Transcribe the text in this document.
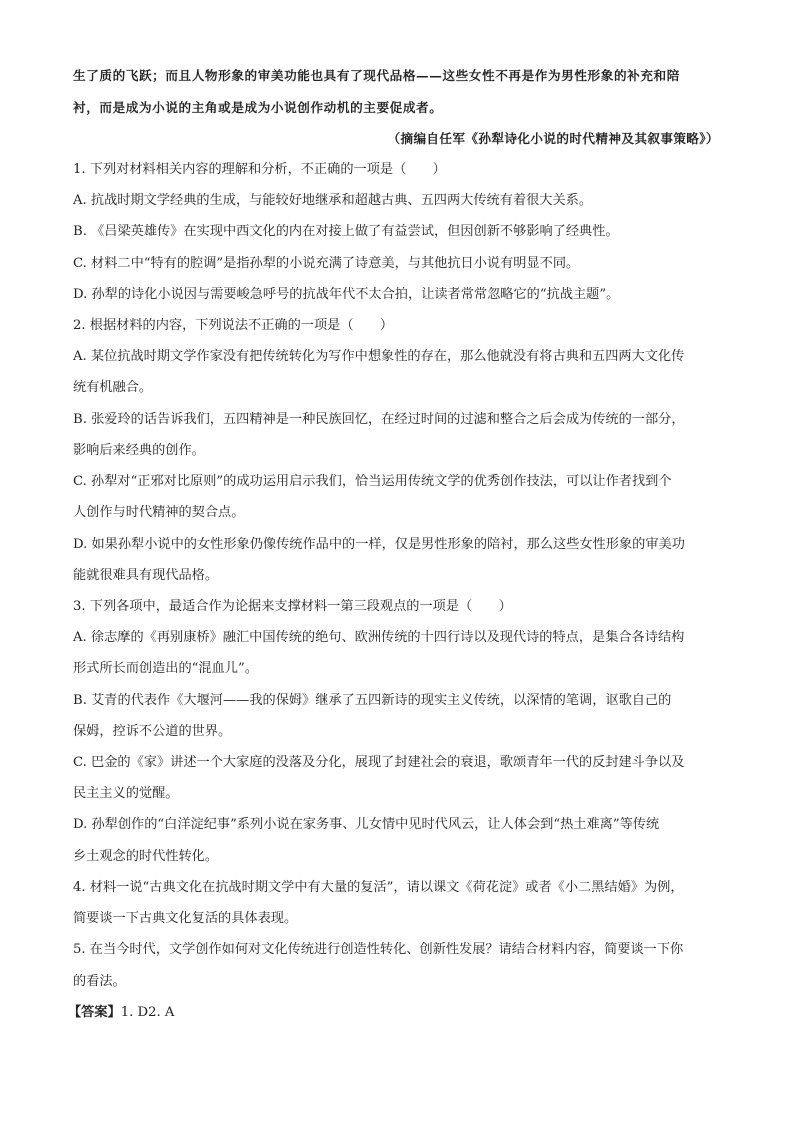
生了质的飞跃；而且人物形象的审美功能也具有了现代品格——这些女性不再是作为男性形象的补充和陪
衬，而是成为小说的主角或是成为小说创作动机的主要促成者。
（摘编自任军《孙犁诗化小说的时代精神及其叙事策略》）
1. 下列对材料相关内容的理解和分析，不正确的一项是（　　）
A. 抗战时期文学经典的生成，与能较好地继承和超越古典、五四两大传统有着很大关系。
B. 《吕梁英雄传》在实现中西文化的内在对接上做了有益尝试，但因创新不够影响了经典性。
C. 材料二中“特有的腔调”是指孙犁的小说充满了诗意美，与其他抗日小说有明显不同。
D. 孙犁的诗化小说因与需要峻急呼号的抗战年代不太合拍，让读者常常忽略它的“抗战主题”。
2. 根据材料的内容，下列说法不正确的一项是（　　）
A. 某位抗战时期文学作家没有把传统转化为写作中想象性的存在，那么他就没有将古典和五四两大文化传
统有机融合。
B. 张爱玲的话告诉我们，五四精神是一种民族回忆，在经过时间的过滤和整合之后会成为传统的一部分，
影响后来经典的创作。
C. 孙犁对“正邪对比原则”的成功运用启示我们，恰当运用传统文学的优秀创作技法，可以让作者找到个
人创作与时代精神的契合点。
D. 如果孙犁小说中的女性形象仍像传统作品中的一样，仅是男性形象的陪衬，那么这些女性形象的审美功
能就很难具有现代品格。
3. 下列各项中，最适合作为论据来支撑材料一第三段观点的一项是（　　）
A. 徐志摩的《再别康桥》融汇中国传统的绝句、欧洲传统的十四行诗以及现代诗的特点，是集合各诗结构
形式所长而创造出的“混血儿”。
B. 艾青的代表作《大堰河——我的保姆》继承了五四新诗的现实主义传统，以深情的笔调，讴歌自己的
保姆，控诉不公道的世界。
C. 巴金的《家》讲述一个大家庭的没落及分化，展现了封建社会的衰退，歌颂青年一代的反封建斗争以及
民主主义的觉醒。
D. 孙犁创作的“白洋淀纪事”系列小说在家务事、儿女情中见时代风云，让人体会到“热土难离”等传统
乡土观念的时代性转化。
4. 材料一说“古典文化在抗战时期文学中有大量的复活”，请以课文《荷花淀》或者《小二黑结婚》为例，
简要谈一下古典文化复活的具体表现。
5. 在当今时代，文学创作如何对文化传统进行创造性转化、创新性发展？请结合材料内容，简要谈一下你
的看法。
【答案】1. D2. A
